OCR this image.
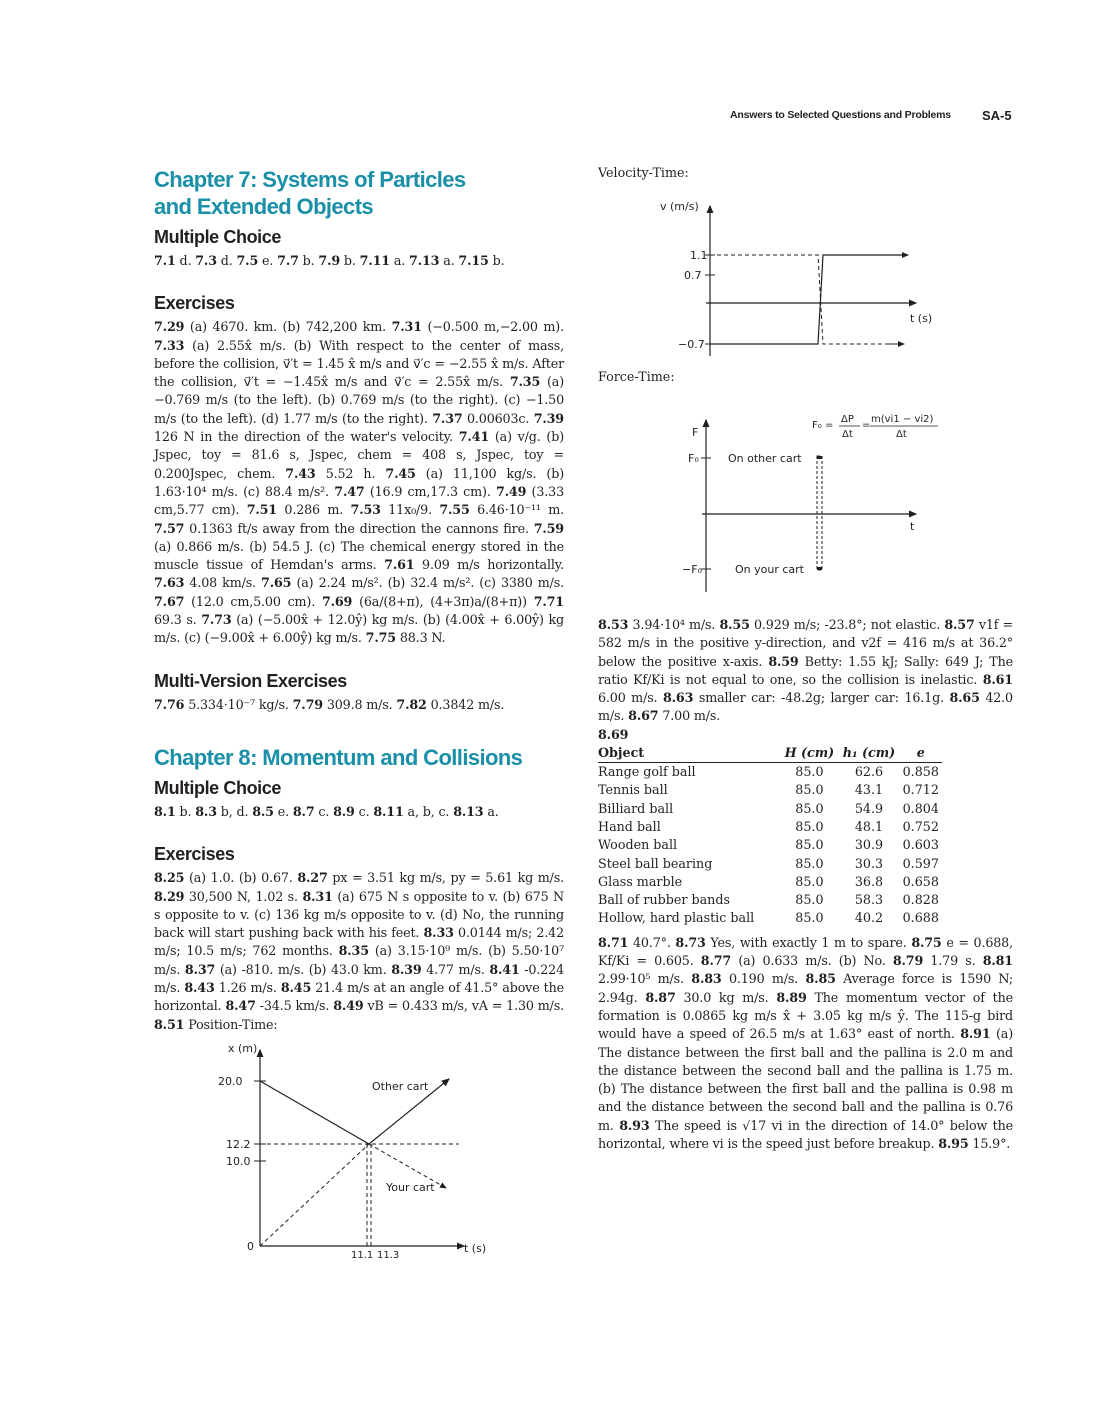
Answers to Selected Questions and Problems SA-5
Chapter 7: Systems of Particles
and Extended Objects
Multiple Choice

7.1 d. 7.3 d. 7.5 e. 7.7 b. 7.9 b. 7.11 a. 7.13 a. 7.15 b.

Exercises

7.29 (a) 4670. km. (b) 742,200 km. 7.31 (−0.500 m,−2.00 m). 7.33 (a) 2.55x̂ m/s. (b) With respect to the center of mass, before the collision, v⃗′t = 1.45 x̂ m/s and v⃗′c = −2.55 x̂ m/s. After the collision, v⃗′t = −1.45x̂ m/s and v⃗′c = 2.55x̂ m/s. 7.35 (a) −0.769 m/s (to the left). (b) 0.769 m/s (to the right). (c) −1.50 m/s (to the left). (d) 1.77 m/s (to the right). 7.37 0.00603c. 7.39 126 N in the direction of the water's velocity. 7.41 (a) v/g. (b) Jspec, toy = 81.6 s, Jspec, chem = 408 s, Jspec, toy = 0.200Jspec, chem. 7.43 5.52 h. 7.45 (a) 11,100 kg/s. (b) 1.63·10⁴ m/s. (c) 88.4 m/s². 7.47 (16.9 cm,17.3 cm). 7.49 (3.33 cm,5.77 cm). 7.51 0.286 m. 7.53 11x₀/9. 7.55 6.46·10⁻¹¹ m. 7.57 0.1363 ft/s away from the direction the cannons fire. 7.59 (a) 0.866 m/s. (b) 54.5 J. (c) The chemical energy stored in the muscle tissue of Hemdan's arms. 7.61 9.09 m/s horizontally. 7.63 4.08 km/s. 7.65 (a) 2.24 m/s². (b) 32.4 m/s². (c) 3380 m/s. 7.67 (12.0 cm,5.00 cm). 7.69 (6a/(8+π), (4+3π)a/(8+π)) 7.71 69.3 s. 7.73 (a) (−5.00x̂ + 12.0ŷ) kg m/s. (b) (4.00x̂ + 6.00ŷ) kg m/s. (c) (−9.00x̂ + 6.00ŷ) kg m/s. 7.75 88.3 N.

Multi-Version Exercises

7.76 5.334·10⁻⁷ kg/s. 7.79 309.8 m/s. 7.82 0.3842 m/s.

Chapter 8: Momentum and Collisions
Multiple Choice

8.1 b. 8.3 b, d. 8.5 e. 8.7 c. 8.9 c. 8.11 a, b, c. 8.13 a.

Exercises

8.25 (a) 1.0. (b) 0.67. 8.27 px = 3.51 kg m/s, py = 5.61 kg m/s. 8.29 30,500 N, 1.02 s. 8.31 (a) 675 N s opposite to v. (b) 675 N s opposite to v. (c) 136 kg m/s opposite to v. (d) No, the running back will start pushing back with his feet. 8.33 0.0144 m/s; 2.42 m/s; 10.5 m/s; 762 months. 8.35 (a) 3.15·10⁹ m/s. (b) 5.50·10⁷ m/s. 8.37 (a) -810. m/s. (b) 43.0 km. 8.39 4.77 m/s. 8.41 -0.224 m/s. 8.43 1.26 m/s. 8.45 21.4 m/s at an angle of 41.5° above the horizontal. 8.47 -34.5 km/s. 8.49 vB = 0.433 m/s, vA = 1.30 m/s. 8.51 Position-Time:

x (m)
t (s)
20.0
12.2
10.0
0
Other cart
Your cart
11.1 11.3
Velocity-Time:
v (m/s)
t (s)
1.1
0.7
−0.7
Force-Time:
F
t
F₀
−F₀
On other cart
On your cart
F₀ =
ΔP
Δt
=
m(vi1 − vi2)
Δt

8.53 3.94·10⁴ m/s. 8.55 0.929 m/s; -23.8°; not elastic. 8.57 v1f = 582 m/s in the positive y-direction, and v2f = 416 m/s at 36.2° below the positive x-axis. 8.59 Betty: 1.55 kJ; Sally: 649 J; The ratio Kf/Ki is not equal to one, so the collision is inelastic. 8.61 6.00 m/s. 8.63 smaller car: -48.2g; larger car: 16.1g. 8.65 42.0 m/s. 8.67 7.00 m/s.

8.69

Object	H (cm)	h₁ (cm)	e
Range golf ball	85.0	62.6	0.858
Tennis ball	85.0	43.1	0.712
Billiard ball	85.0	54.9	0.804
Hand ball	85.0	48.1	0.752
Wooden ball	85.0	30.9	0.603
Steel ball bearing	85.0	30.3	0.597
Glass marble	85.0	36.8	0.658
Ball of rubber bands	85.0	58.3	0.828
Hollow, hard plastic ball	85.0	40.2	0.688

8.71 40.7°. 8.73 Yes, with exactly 1 m to spare. 8.75 e = 0.688, Kf/Ki = 0.605. 8.77 (a) 0.633 m/s. (b) No. 8.79 1.79 s. 8.81 2.99·10⁵ m/s. 8.83 0.190 m/s. 8.85 Average force is 1590 N; 2.94g. 8.87 30.0 kg m/s. 8.89 The momentum vector of the formation is 0.0865 kg m/s x̂ + 3.05 kg m/s ŷ. The 115-g bird would have a speed of 26.5 m/s at 1.63° east of north. 8.91 (a) The distance between the first ball and the pallina is 2.0 m and the distance between the second ball and the pallina is 1.75 m. (b) The distance between the first ball and the pallina is 0.98 m and the distance between the second ball and the pallina is 0.76 m. 8.93 The speed is √17 vi in the direction of 14.0° below the horizontal, where vi is the speed just before breakup. 8.95 15.9°.
